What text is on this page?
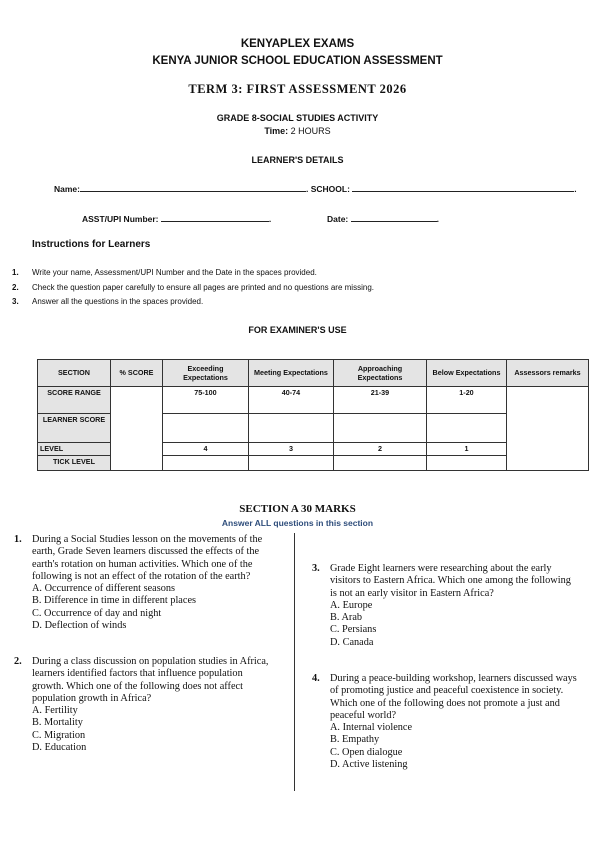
KENYAPLEX EXAMS
KENYA JUNIOR SCHOOL EDUCATION ASSESSMENT
TERM 3: FIRST ASSESSMENT 2026
GRADE 8-SOCIAL STUDIES ACTIVITY
Time: 2 HOURS
LEARNER'S DETAILS
Name:	. SCHOOL:	.
ASST/UPI Number:	.	Date:	.
Instructions for Learners
1. Write your name, Assessment/UPI Number and the Date in the spaces provided.
2. Check the question paper carefully to ensure all pages are printed and no questions are missing.
3. Answer all the questions in the spaces provided.
FOR EXAMINER'S USE
SECTION	% SCORE	Exceeding Expectations	Meeting Expectations	Approaching Expectations	Below Expectations	Assessors remarks
SCORE RANGE		75-100	40-74	21-39	1-20	
LEARNER SCORE						
LEVEL		4	3	2	1	
TICK LEVEL						
SECTION A 30 MARKS
Answer ALL questions in this section
1. During a Social Studies lesson on the movements of the earth, Grade Seven learners discussed the effects of the earth's rotation on human activities. Which one of the following is not an effect of the rotation of the earth?
A. Occurrence of different seasons
B. Difference in time in different places
C. Occurrence of day and night
D. Deflection of winds
2. During a class discussion on population studies in Africa, learners identified factors that influence population growth. Which one of the following does not affect population growth in Africa?
A. Fertility
B. Mortality
C. Migration
D. Education
3. Grade Eight learners were researching about the early visitors to Eastern Africa. Which one among the following is not an early visitor in Eastern Africa?
A. Europe
B. Arab
C. Persians
D. Canada
4. During a peace-building workshop, learners discussed ways of promoting justice and peaceful coexistence in society. Which one of the following does not promote a just and peaceful world?
A. Internal violence
B. Empathy
C. Open dialogue
D. Active listening
